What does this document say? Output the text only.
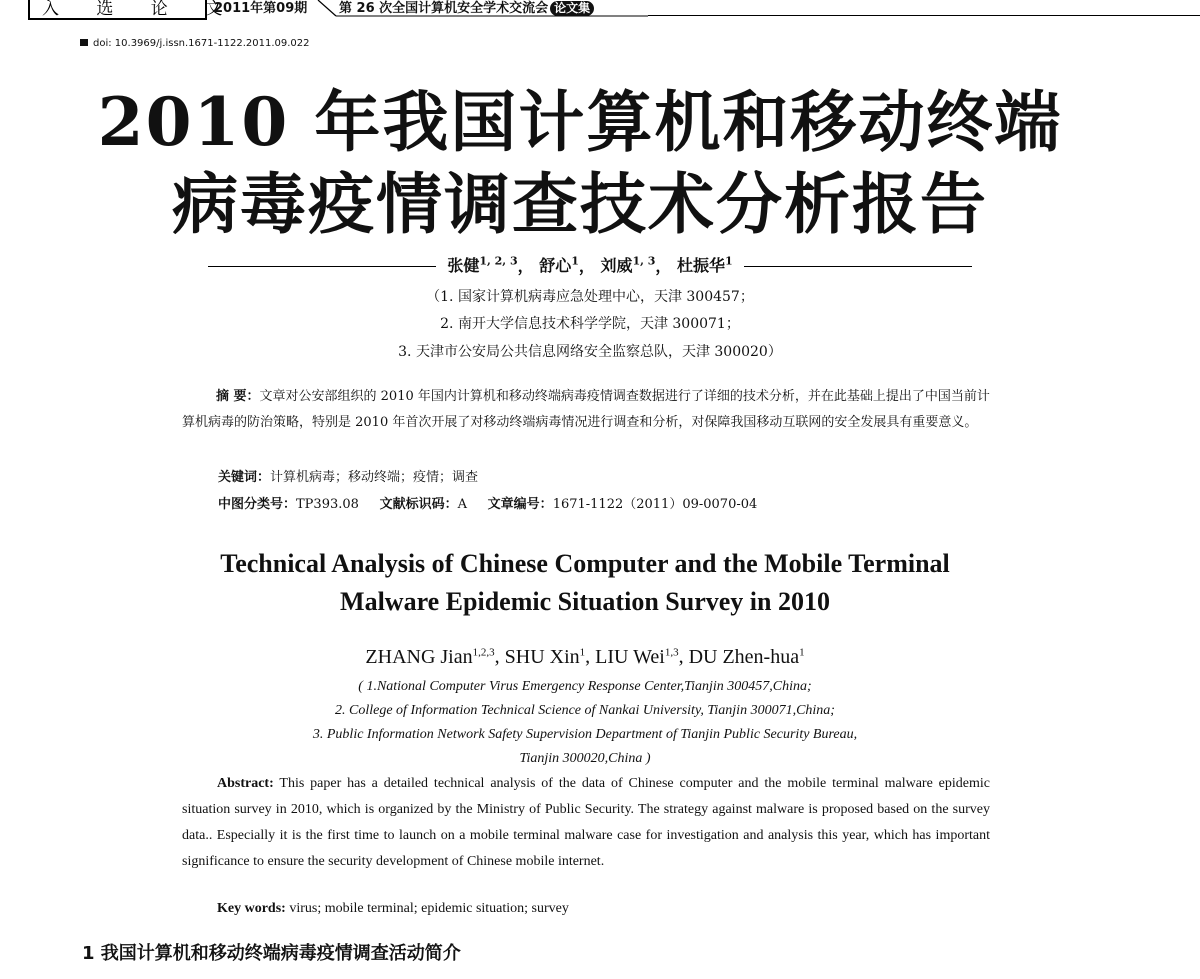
入 选 论 文
2011年第09期 第 26 次全国计算机安全学术交流会 论文集
doi: 10.3969/j.issn.1671-1122.2011.09.022
2010 年我国计算机和移动终端
病毒疫情调查技术分析报告
张健$^{1, 2, 3}$， 舒心$^1$， 刘威$^{1, 3}$， 杜振华$^1$
（1. 国家计算机病毒应急处理中心，天津 300457；
2. 南开大学信息技术科学学院，天津 300071；
3. 天津市公安局公共信息网络安全监察总队，天津 300020）
摘 要：文章对公安部组织的 2010 年国内计算机和移动终端病毒疫情调查数据进行了详细的技术分析，并在此基础上提出了中国当前计算机病毒的防治策略，特别是 2010 年首次开展了对移动终端病毒情况进行调查和分析，对保障我国移动互联网的安全发展具有重要意义。
关键词：计算机病毒；移动终端；疫情；调查
中图分类号：TP393.08 文献标识码：A 文章编号：1671-1122（2011）09-0070-04
Technical Analysis of Chinese Computer and the Mobile Terminal
Malware Epidemic Situation Survey in 2010
ZHANG Jian$^{1,2,3}$, SHU Xin$^1$, LIU Wei$^{1,3}$, DU Zhen-hua$^1$
( 1.National Computer Virus Emergency Response Center,Tianjin 300457,China;
2. College of Information Technical Science of Nankai University, Tianjin 300071,China;
3. Public Information Network Safety Supervision Department of Tianjin Public Security Bureau,
Tianjin 300020,China )
Abstract: This paper has a detailed technical analysis of the data of Chinese computer and the mobile terminal malware epidemic situation survey in 2010, which is organized by the Ministry of Public Security. The strategy against malware is proposed based on the survey data.. Especially it is the first time to launch on a mobile terminal malware case for investigation and analysis this year, which has important significance to ensure the security development of Chinese mobile internet.
Key words: virus; mobile terminal; epidemic situation; survey
1 我国计算机和移动终端病毒疫情调查活动简介
